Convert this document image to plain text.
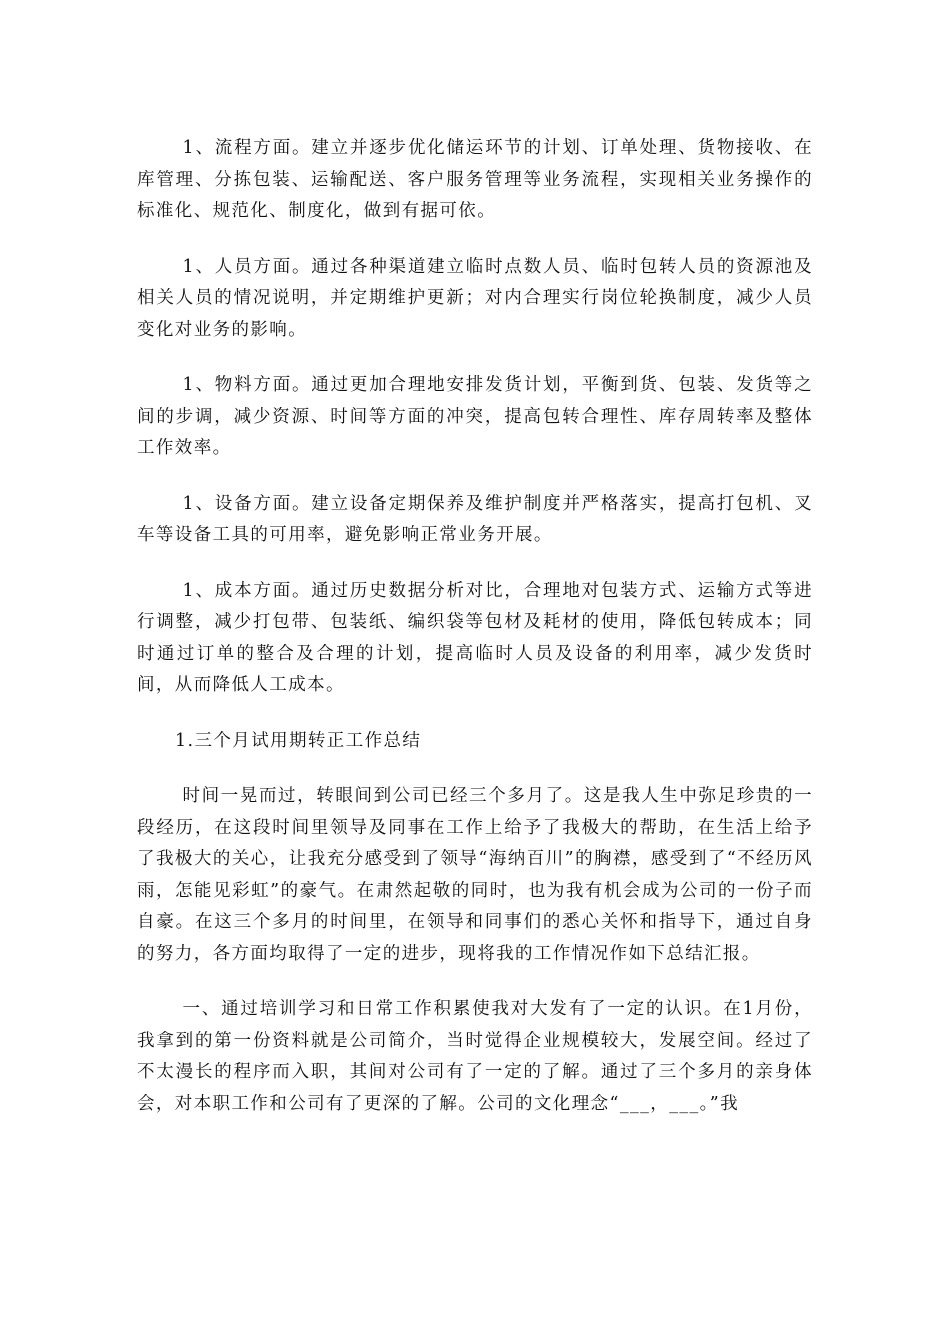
1、流程方面。建立并逐步优化储运环节的计划、订单处理、货物接收、在库管理、分拣包装、运输配送、客户服务管理等业务流程，实现相关业务操作的标准化、规范化、制度化，做到有据可依。

1、人员方面。通过各种渠道建立临时点数人员、临时包转人员的资源池及相关人员的情况说明，并定期维护更新；对内合理实行岗位轮换制度，减少人员变化对业务的影响。

1、物料方面。通过更加合理地安排发货计划，平衡到货、包装、发货等之间的步调，减少资源、时间等方面的冲突，提高包转合理性、库存周转率及整体工作效率。

1、设备方面。建立设备定期保养及维护制度并严格落实，提高打包机、叉车等设备工具的可用率，避免影响正常业务开展。

1、成本方面。通过历史数据分析对比，合理地对包装方式、运输方式等进行调整，减少打包带、包装纸、编织袋等包材及耗材的使用，降低包转成本；同时通过订单的整合及合理的计划，提高临时人员及设备的利用率，减少发货时间，从而降低人工成本。

1.三个月试用期转正工作总结

时间一晃而过，转眼间到公司已经三个多月了。这是我人生中弥足珍贵的一段经历，在这段时间里领导及同事在工作上给予了我极大的帮助，在生活上给予了我极大的关心，让我充分感受到了领导“海纳百川”的胸襟，感受到了“不经历风雨，怎能见彩虹”的豪气。在肃然起敬的同时，也为我有机会成为公司的一份子而自豪。在这三个多月的时间里，在领导和同事们的悉心关怀和指导下，通过自身的努力，各方面均取得了一定的进步，现将我的工作情况作如下总结汇报。

一、通过培训学习和日常工作积累使我对大发有了一定的认识。在1月份，我拿到的第一份资料就是公司简介，当时觉得企业规模较大，发展空间。经过了不太漫长的程序而入职，其间对公司有了一定的了解。通过了三个多月的亲身体会，对本职工作和公司有了更深的了解。公司的文化理念“___，___。”我
